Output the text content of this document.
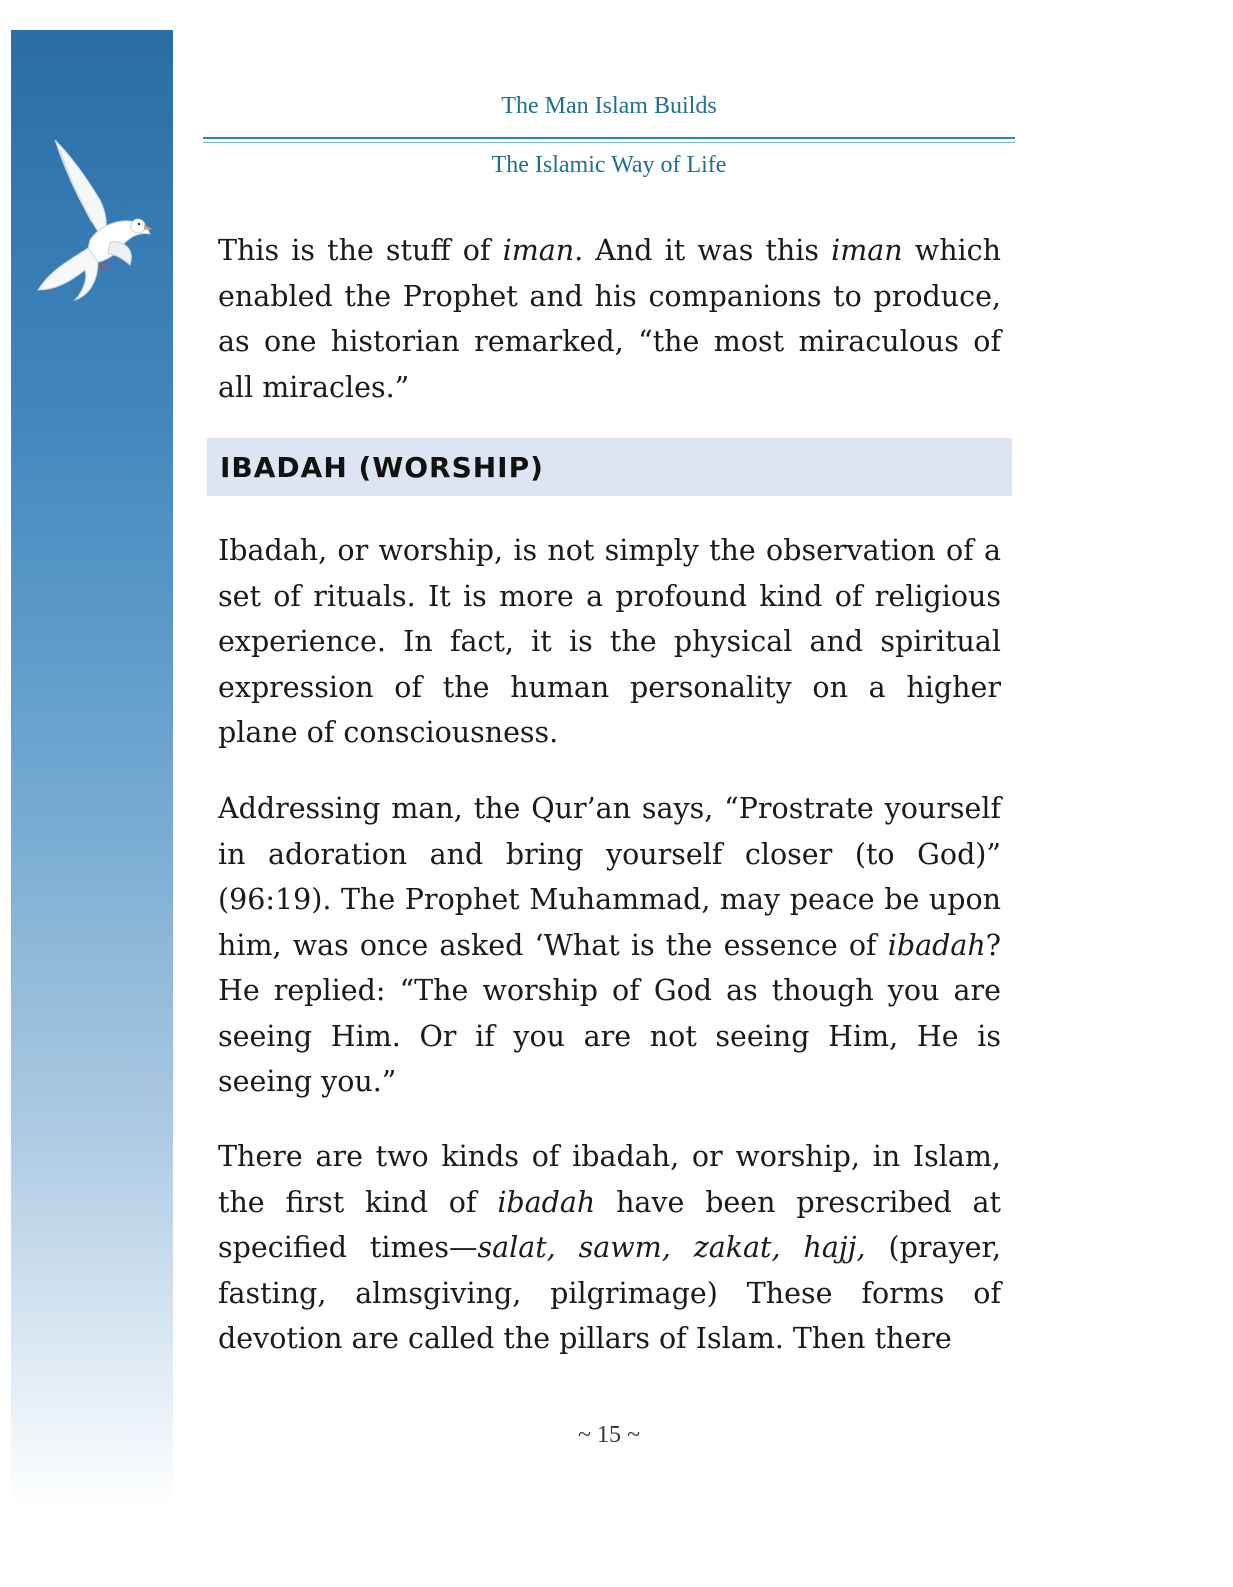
The Man Islam Builds
The Islamic Way of Life

This is the stuff of iman. And it was this iman which enabled the Prophet and his companions to produce, as one historian remarked, “the most miraculous of all miracles.”

IBADAH (WORSHIP)

Ibadah, or worship, is not simply the observation of a set of rituals. It is more a profound kind of religious experience. In fact, it is the physical and spiritual expression of the human personality on a higher plane of consciousness.

Addressing man, the Qur’an says, “Prostrate yourself in adoration and bring yourself closer (to God)” (96:19). The Prophet Muhammad, may peace be upon him, was once asked ‘What is the essence of ibadah? He replied: “The worship of God as though you are seeing Him. Or if you are not seeing Him, He is seeing you.”

There are two kinds of ibadah, or worship, in Islam, the first kind of ibadah have been prescribed at specified times—salat, sawm, zakat, hajj, (prayer, fasting, almsgiving, pilgrimage) These forms of devotion are called the pillars of Islam. Then there

~ 15 ~
